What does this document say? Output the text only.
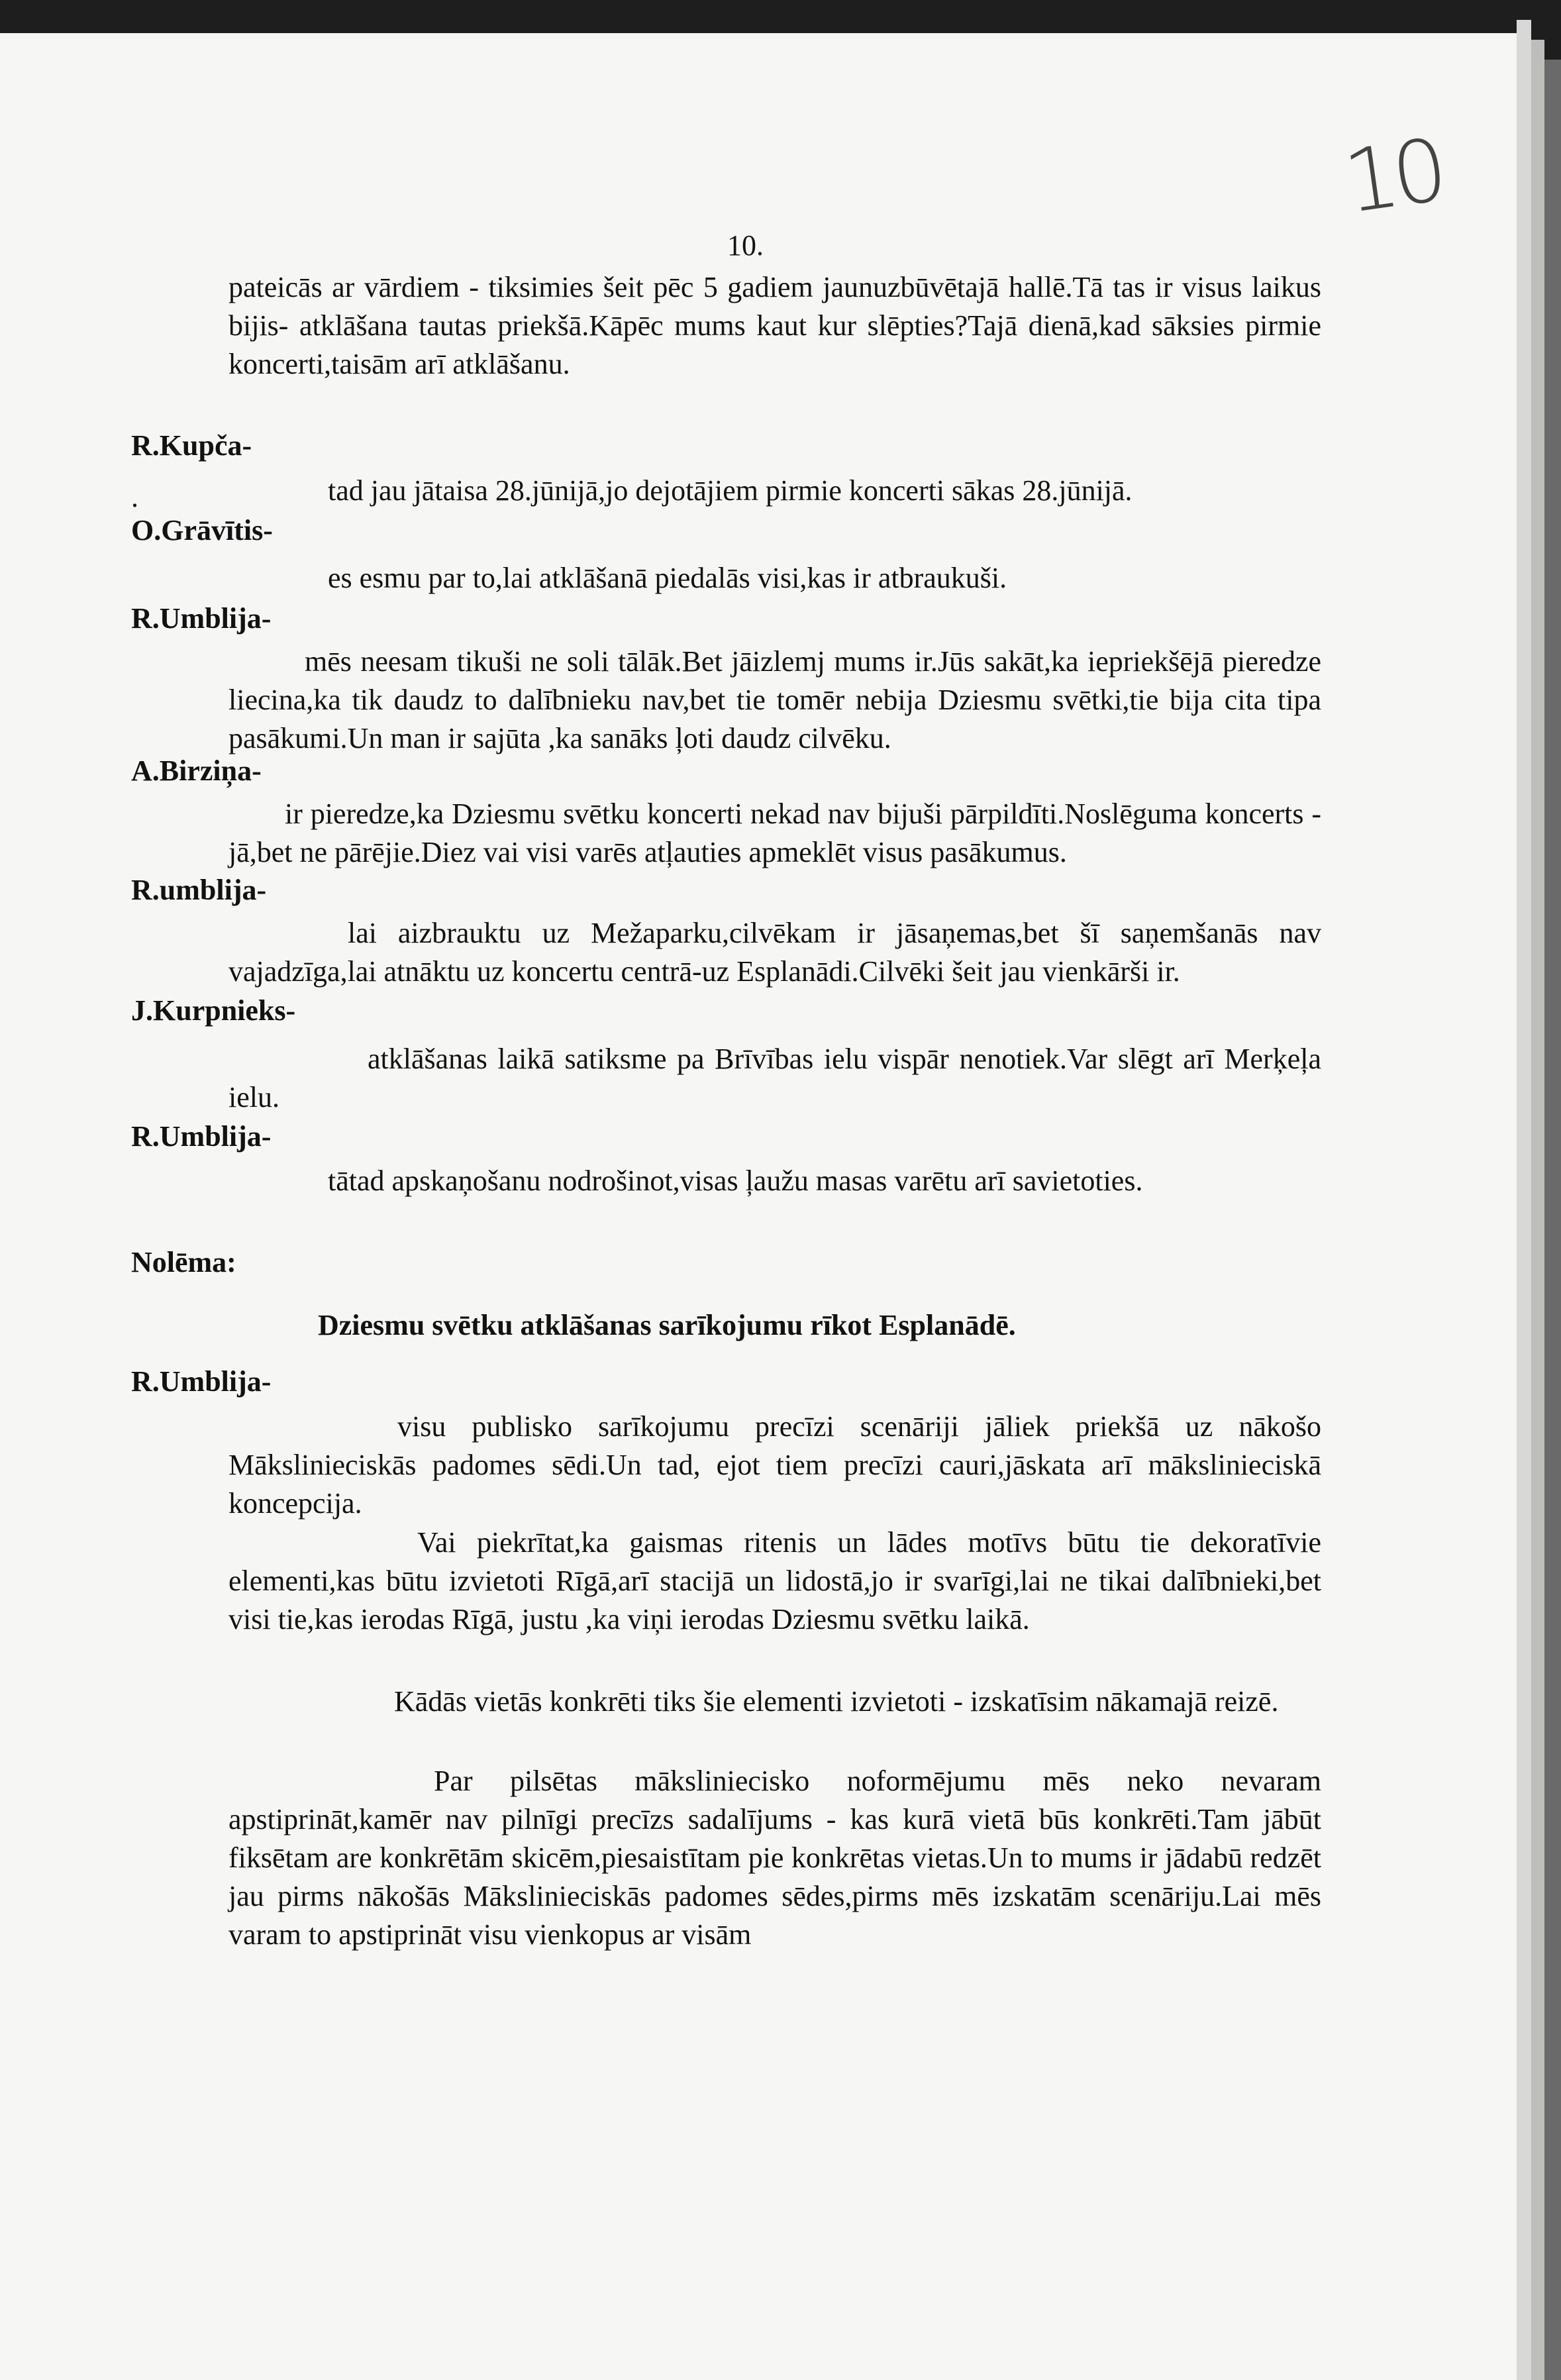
10
10.
pateicās ar vārdiem - tiksimies šeit pēc 5 gadiem jaunuzbūvētajā hallē.Tā tas ir visus laikus bijis- atklāšana tautas priekšā.Kāpēc mums kaut kur slēpties?Tajā dienā,kad sāksies pirmie koncerti,taisām arī atklāšanu.
R.Kupča-
.	tad jau jātaisa 28.jūnijā,jo dejotājiem pirmie koncerti sākas 28.jūnijā.
O.Grāvītis-
es esmu par to,lai atklāšanā piedalās visi,kas ir atbraukuši.
R.Umblija-
mēs neesam tikuši ne soli tālāk.Bet jāizlemj mums ir.Jūs sakāt,ka iepriekšējā pieredze liecina,ka tik daudz to dalībnieku nav,bet tie tomēr nebija Dziesmu svētki,tie bija cita tipa pasākumi.Un man ir sajūta ,ka sanāks ļoti daudz cilvēku.
A.Birziņa-
ir pieredze,ka Dziesmu svētku koncerti nekad nav bijuši pārpildīti.Noslēguma koncerts - jā,bet ne pārējie.Diez vai visi varēs atļauties apmeklēt visus pasākumus.
R.umblija-
lai aizbrauktu uz Mežaparku,cilvēkam ir jāsaņemas,bet šī saņemšanās nav vajadzīga,lai atnāktu uz koncertu centrā-uz Esplanādi.Cilvēki šeit jau vienkārši ir.
J.Kurpnieks-
atklāšanas laikā satiksme pa Brīvības ielu vispār nenotiek.Var slēgt arī Merķeļa ielu.
R.Umblija-
tātad apskaņošanu nodrošinot,visas ļaužu masas varētu arī savietoties.
Nolēma:
Dziesmu svētku atklāšanas sarīkojumu rīkot Esplanādē.
R.Umblija-
visu publisko sarīkojumu precīzi scenāriji jāliek priekšā uz nākošo Mākslinieciskās padomes sēdi.Un tad, ejot tiem precīzi cauri,jāskata arī mākslinieciskā koncepcija.
Vai piekrītat,ka gaismas ritenis un lādes motīvs būtu tie dekoratīvie elementi,kas būtu izvietoti Rīgā,arī stacijā un lidostā,jo ir svarīgi,lai ne tikai dalībnieki,bet visi tie,kas ierodas Rīgā, justu ,ka viņi ierodas Dziesmu svētku laikā.
Kādās vietās konkrēti tiks šie elementi izvietoti - izskatīsim nākamajā reizē.
Par pilsētas māksliniecisko noformējumu mēs neko nevaram apstiprināt,kamēr nav pilnīgi precīzs sadalījums - kas kurā vietā būs konkrēti.Tam jābūt fiksētam are konkrētām skicēm,piesaistītam pie konkrētas vietas.Un to mums ir jādabū redzēt jau pirms nākošās Mākslinieciskās padomes sēdes,pirms mēs izskatām scenāriju.Lai mēs varam to apstiprināt visu vienkopus ar visām
